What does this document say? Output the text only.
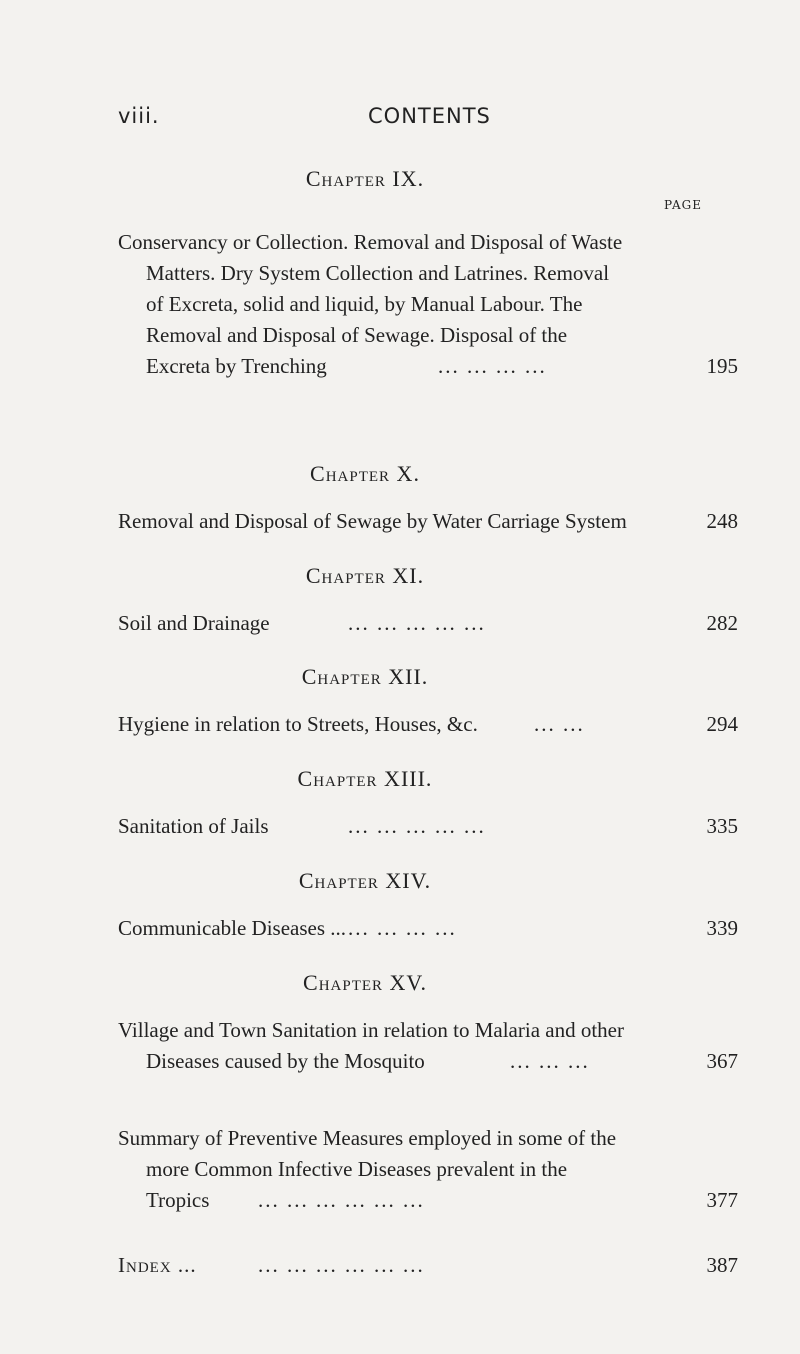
viii.	CONTENTS
Chapter IX.
PAGE
Conservancy or Collection. Removal and Disposal of Waste
Matters. Dry System Collection and Latrines. Removal
of Excreta, solid and liquid, by Manual Labour. The
Removal and Disposal of Sewage. Disposal of the
Excreta by Trenching	... ... ... ...	195
Chapter X.
Removal and Disposal of Sewage by Water Carriage System	248
Chapter XI.
Soil and Drainage	... ... ... ... ...	282
Chapter XII.
Hygiene in relation to Streets, Houses, &c.	... ...	294
Chapter XIII.
Sanitation of Jails	... ... ... ... ...	335
Chapter XIV.
Communicable Diseases ... ... ... ... ...	339
Chapter XV.
Village and Town Sanitation in relation to Malaria and other
Diseases caused by the Mosquito	... ... ...	367
Summary of Preventive Measures employed in some of the
more Common Infective Diseases prevalent in the
Tropics ... ... ... ... ... ...	377
Index ...	... ... ... ... ... ...	387
